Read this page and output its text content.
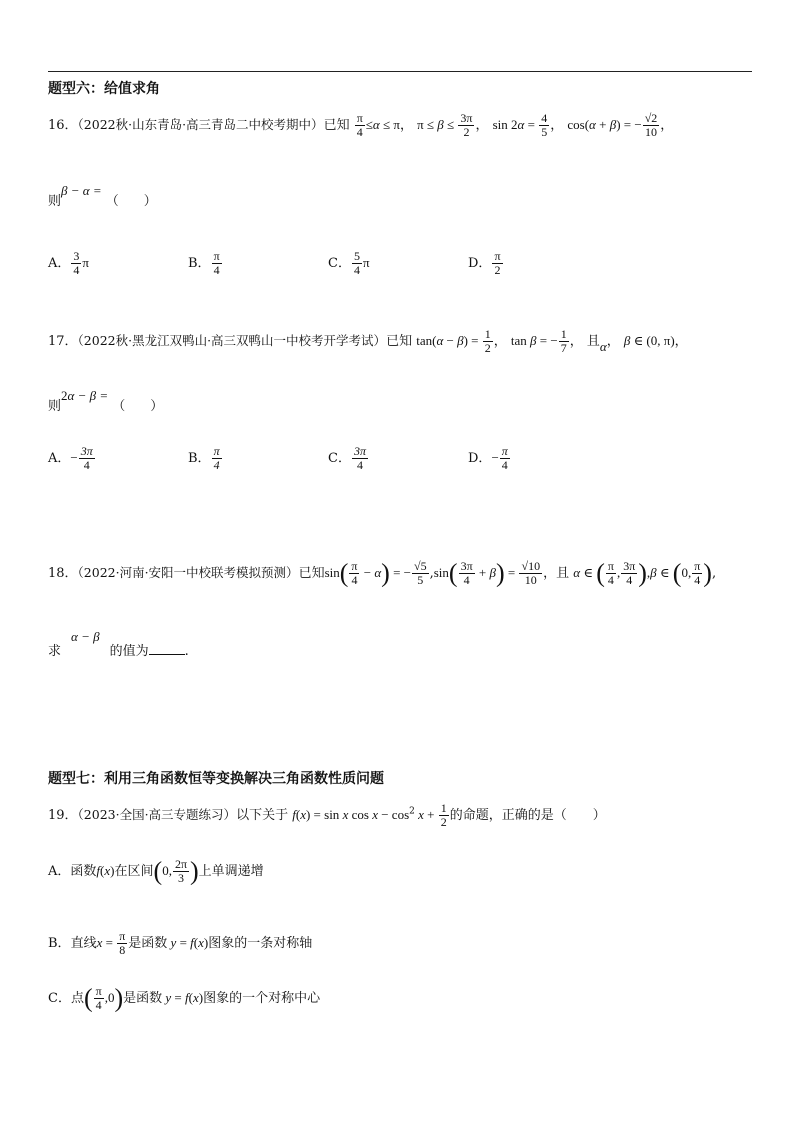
题型六：给值求角
16．（2022秋·山东青岛·高三青岛二中校考期中）已知 $\frac{\pi}{4} \le\alpha \le \pi$， $\pi \le \beta \le \frac{3\pi}{2}$ ， $\sin 2\alpha = \frac{4}{5}$ ， cos(α + β) = − $\frac{√2}{10}$ ，
则β − α = （　）
A． $\frac{3}{4}$ π	B． $\frac{\pi}{4}$	C． $\frac{5}{4}$ π	D． $\frac{\pi}{2}$
17．（2022秋·黑龙江双鸭山·高三双鸭山一中校考开学考试）已知 $\tan(\alpha - \beta) = \frac{1}{2}$ ， tan β = − $\frac{1}{7}$ ， 且α， β ∈ (0, π)，
则2α − β = （　）
A．− $\frac{3\pi}{4}$	B． $\frac{\pi}{4}$	C． $\frac{3\pi}{4}$	D．− $\frac{\pi}{4}$
18．（2022·河南·安阳一中校联考模拟预测）已知$\sin( \frac{\pi}{4} - \alpha)$ = − $\frac{√5}{5} ,\sin( \frac{3\pi}{4} + \beta) = \frac{√10}{10}$ ，且 α ∈ ( $\frac{\pi}{4}$ , $\frac{3\pi}{4} ),\beta$ ∈ (0, $\frac{\pi}{4}$ ),
求α − β的值为	.
题型七：利用三角函数恒等变换解决三角函数性质问题
19．（2023·全国·高三专题练习）以下关于 f(x) = sin x $\cos x - \cos^2 x + \frac{1}{2}$ 的命题，正确的是（　　）
A．函数f(x)在区间(0, $\frac{2\pi}{3}$ )上单调递增
B．直线$x = \frac{\pi}{8}$ 是函数 y = f(x)图象的一条对称轴
C．点( $\frac{\pi}{4} ,0$)是函数 y = f(x)图象的一个对称中心
